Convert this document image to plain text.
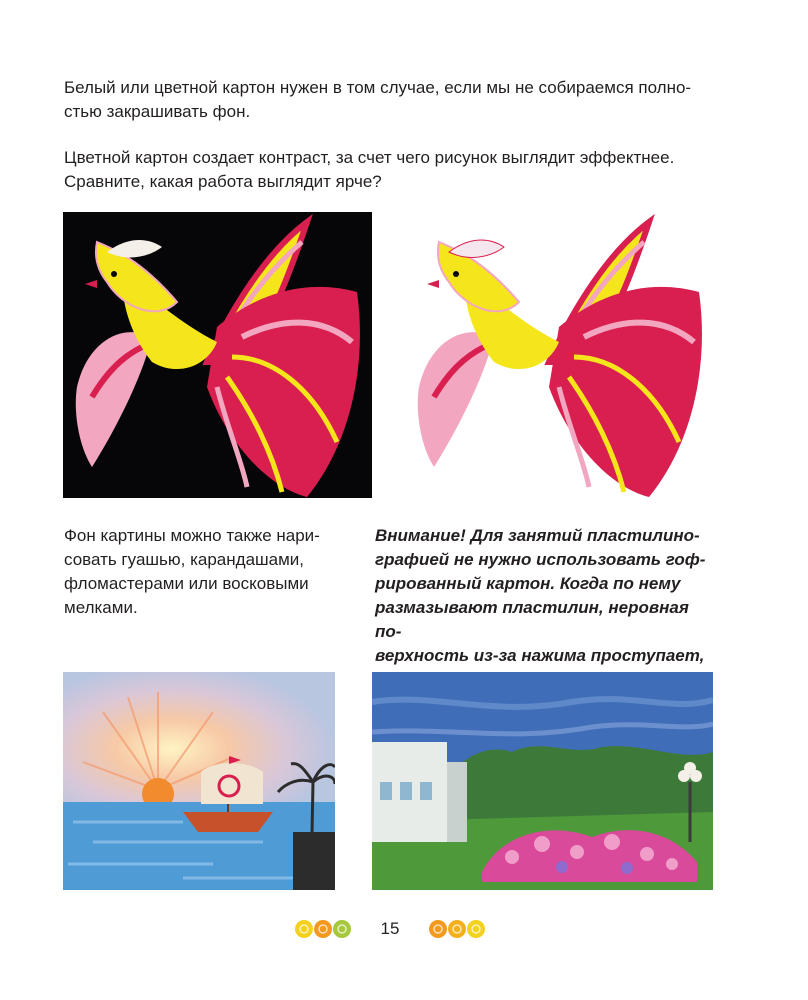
Белый или цветной картон нужен в том случае, если мы не собираемся полно-
стью закрашивать фон.

Цветной картон создает контраст, за счет чего рисунок выглядит эффектнее.
Сравните, какая работа выглядит ярче?

Фон картины можно также нари-
совать гуашью, карандашами,
фломастерами или восковыми
мелками.

Внимание! Для занятий пластилино-
графией не нужно использовать гоф-
рированный картон. Когда по нему
размазывают пластилин, неровная по-
верхность из-за нажима проступает,

15
